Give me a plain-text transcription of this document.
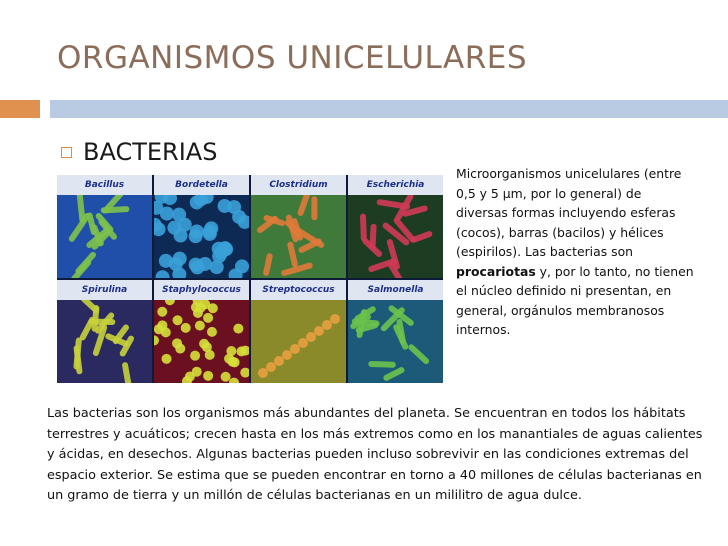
ORGANISMOS UNICELULARES
BACTERIAS
Bacillus	Bordetella	Clostridium	Escherichia
Spirulina	Staphylococcus	Streptococcus	Salmonella
Microorganismos unicelulares (entre 0,5 y 5 μm, por lo general) de diversas formas incluyendo esferas (cocos), barras (bacilos) y hélices (espirilos). Las bacterias son procariotas y, por lo tanto, no tienen el núcleo definido ni presentan, en general, orgánulos membranosos internos.
Las bacterias son los organismos más abundantes del planeta. Se encuentran en todos los hábitats terrestres y acuáticos; crecen hasta en los más extremos como en los manantiales de aguas calientes y ácidas, en desechos. Algunas bacterias pueden incluso sobrevivir en las condiciones extremas del espacio exterior. Se estima que se pueden encontrar en torno a 40 millones de células bacterianas en un gramo de tierra y un millón de células bacterianas en un mililitro de agua dulce.
